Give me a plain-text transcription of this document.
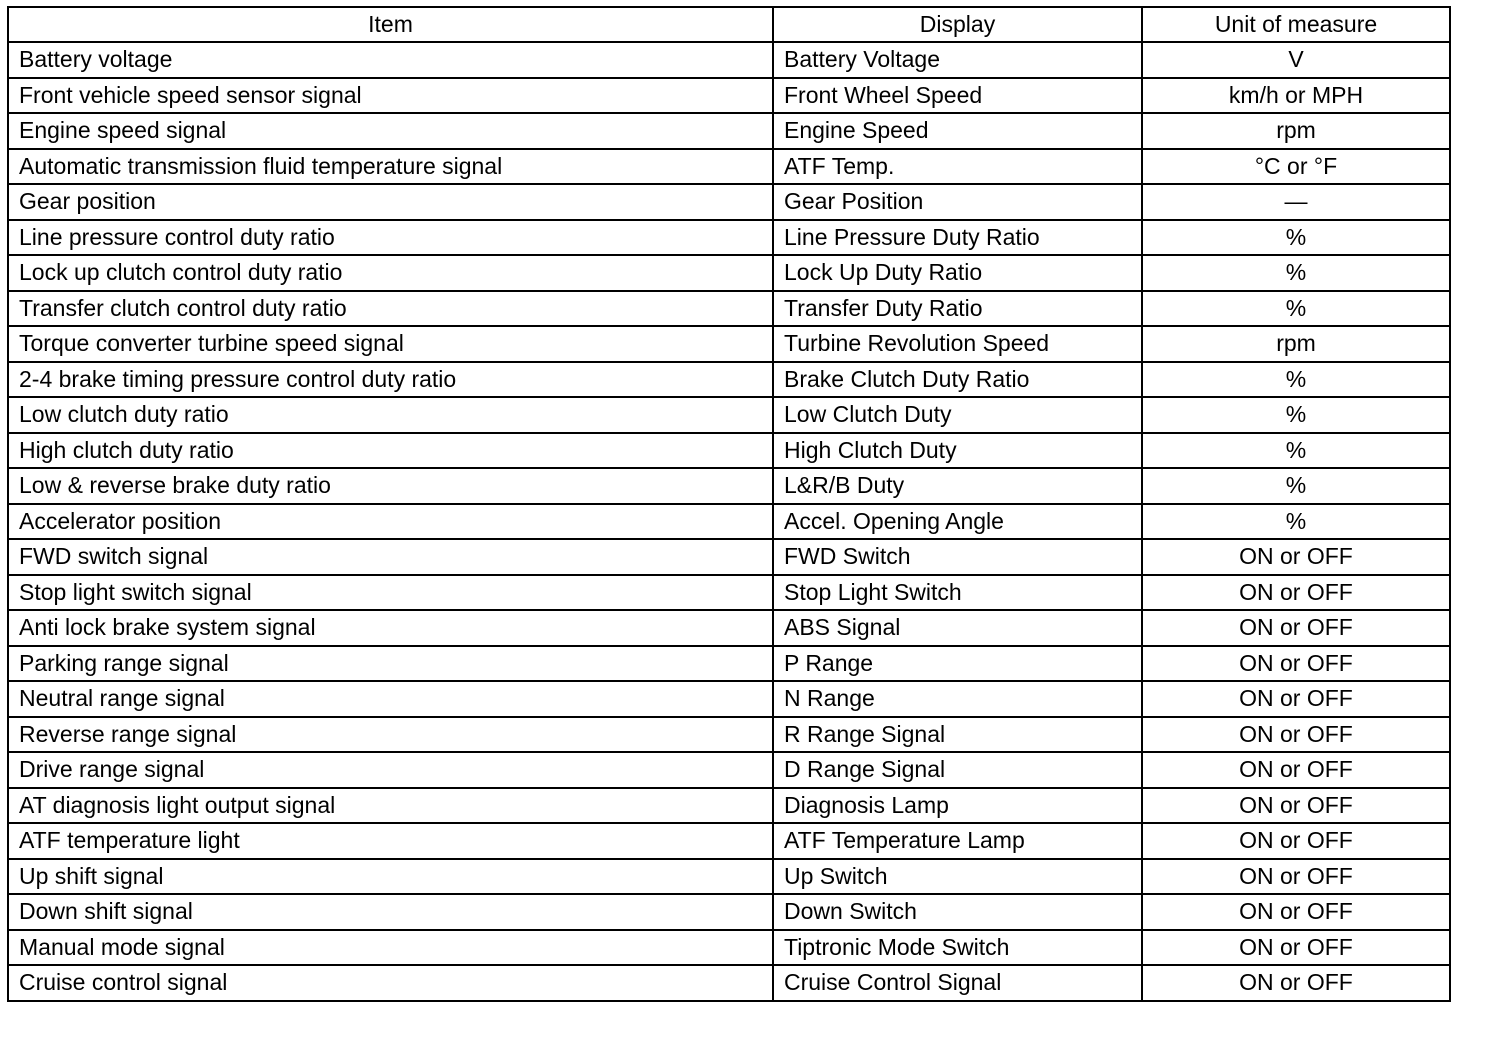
Item	Display	Unit of measure
Battery voltage	Battery Voltage	V
Front vehicle speed sensor signal	Front Wheel Speed	km/h or MPH
Engine speed signal	Engine Speed	rpm
Automatic transmission fluid temperature signal	ATF Temp.	°C or °F
Gear position	Gear Position	—
Line pressure control duty ratio	Line Pressure Duty Ratio	%
Lock up clutch control duty ratio	Lock Up Duty Ratio	%
Transfer clutch control duty ratio	Transfer Duty Ratio	%
Torque converter turbine speed signal	Turbine Revolution Speed	rpm
2-4 brake timing pressure control duty ratio	Brake Clutch Duty Ratio	%
Low clutch duty ratio	Low Clutch Duty	%
High clutch duty ratio	High Clutch Duty	%
Low & reverse brake duty ratio	L&R/B Duty	%
Accelerator position	Accel. Opening Angle	%
FWD switch signal	FWD Switch	ON or OFF
Stop light switch signal	Stop Light Switch	ON or OFF
Anti lock brake system signal	ABS Signal	ON or OFF
Parking range signal	P Range	ON or OFF
Neutral range signal	N Range	ON or OFF
Reverse range signal	R Range Signal	ON or OFF
Drive range signal	D Range Signal	ON or OFF
AT diagnosis light output signal	Diagnosis Lamp	ON or OFF
ATF temperature light	ATF Temperature Lamp	ON or OFF
Up shift signal	Up Switch	ON or OFF
Down shift signal	Down Switch	ON or OFF
Manual mode signal	Tiptronic Mode Switch	ON or OFF
Cruise control signal	Cruise Control Signal	ON or OFF
